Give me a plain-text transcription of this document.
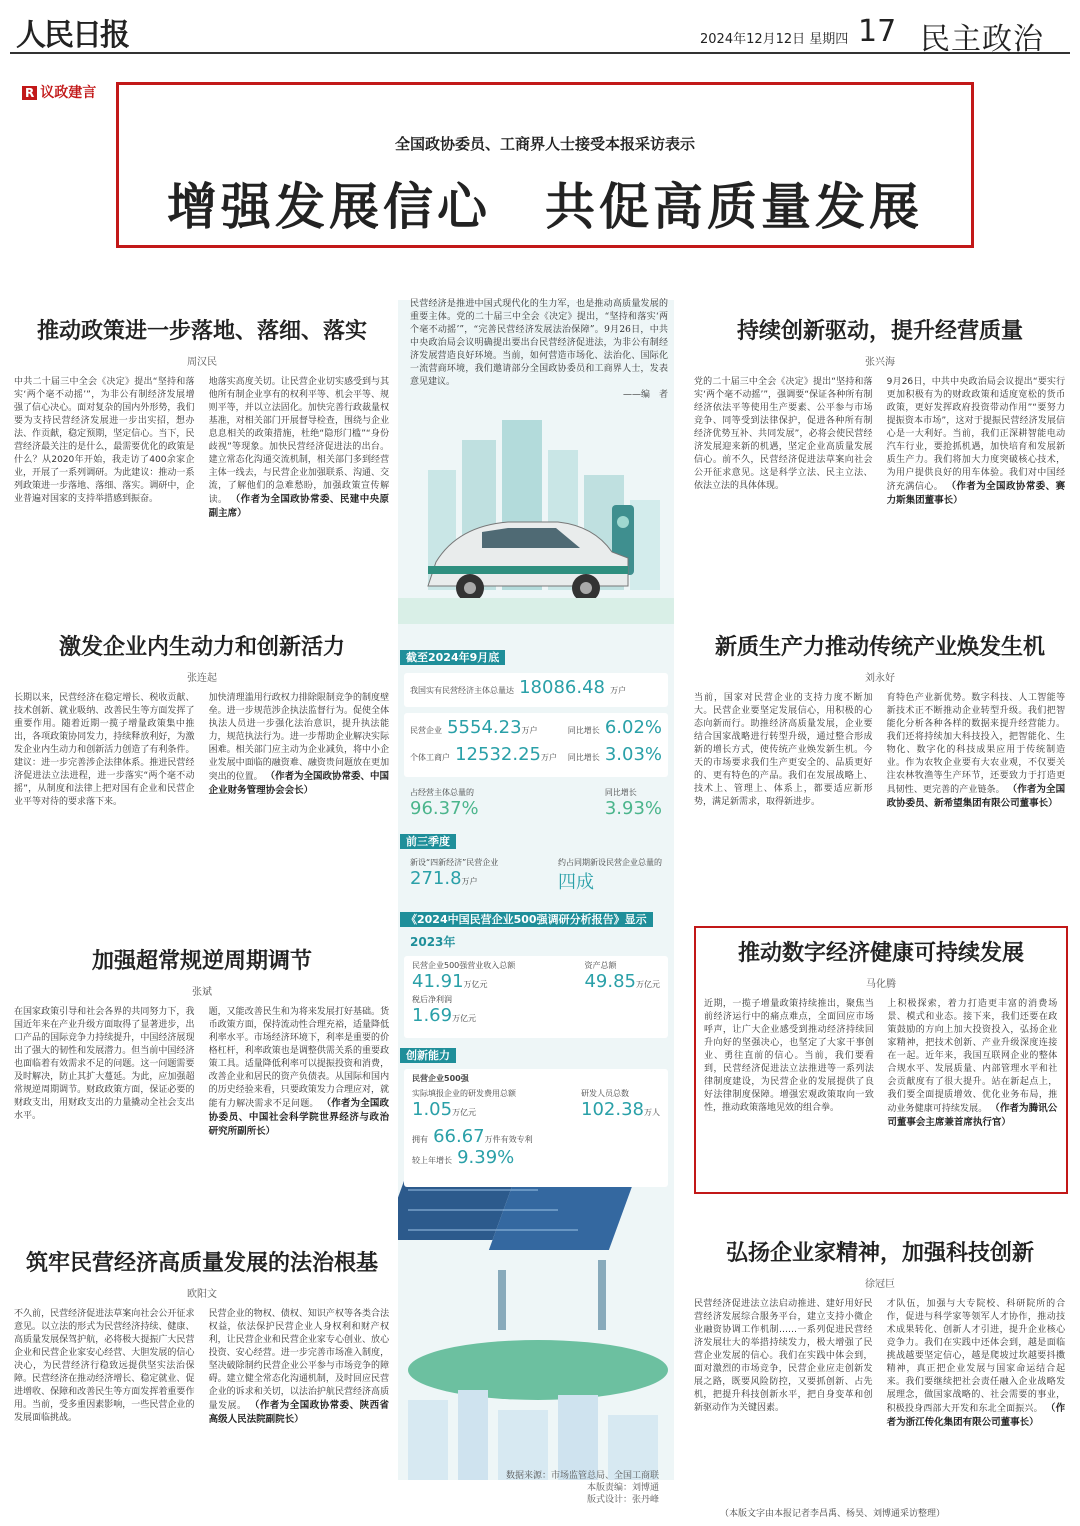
人民日报	2024年12月12日 星期四 17 民主政治
R 议政建言
全国政协委员、工商界人士接受本报采访表示
增强发展信心　共促高质量发展
民营经济是推进中国式现代化的生力军，也是推动高质量发展的重要主体。党的二十届三中全会《决定》提出，“坚持和落实‘两个毫不动摇’”，“完善民营经济发展法治保障”。9月26日，中共中央政治局会议明确提出要出台民营经济促进法，为非公有制经济发展营造良好环境。当前，如何营造市场化、法治化、国际化一流营商环境，我们邀请部分全国政协委员和工商界人士，发表意见建议。
——编　者
截至2024年9月底
我国实有民营经济主体总量达 18086.48 万户
民营企业 5554.23万户	同比增长 6.02%
个体工商户 12532.25万户 同比增长 3.03%
占经营主体总量的
96.37%
同比增长
3.93%
前三季度
新设“四新经济”民营企业
271.8万户
约占同期新设民营企业总量的
四成
《2024中国民营企业500强调研分析报告》显示
2023年
民营企业500强营业收入总额
41.91万亿元
资产总额
49.85万亿元
税后净利润
1.69万亿元
创新能力
民营企业500强
实际填报企业的研发费用总额
1.05万亿元
研发人员总数
102.38万人
拥有 66.67万件有效专利
较上年增长 9.39%
数据来源：市场监管总局、全国工商联
本版责编：刘博通
版式设计：张丹峰
推动政策进一步落地、落细、落实
周汉民
中共二十届三中全会《决定》提出“坚持和落实‘两个毫不动摇’”，为非公有制经济发展增强了信心决心。面对复杂的国内外形势，我们要为支持民营经济发展进一步出实招，想办法、作贡献，稳定预期，坚定信心。当下，民营经济最关注的是什么，最需要优化的政策是什么？从2020年开始，我走访了400余家企业，开展了一系列调研。为此建议：推动一系列政策进一步落地、落细、落实。调研中，企业普遍对国家的支持举措感到振奋。 地落实高度关切。让民营企业切实感受到与其他所有制企业享有的权利平等、机会平等、规则平等，并以立法固化。加快完善行政裁量权基准，对相关部门开展督导检查，围绕与企业息息相关的政策措施，杜绝“隐形门槛”“身份歧视”等现象。加快民营经济促进法的出台。建立常态化沟通交流机制，相关部门多到经营主体一线去，与民营企业加强联系、沟通、交流，了解他们的急难愁盼，加强政策宣传解读。 （作者为全国政协常委、民建中央原副主席）
激发企业内生动力和创新活力
张连起
长期以来，民营经济在稳定增长、税收贡献、技术创新、就业吸纳、改善民生等方面发挥了重要作用。随着近期一揽子增量政策集中推出，各项政策协同发力，持续释放利好，为激发企业内生动力和创新活力创造了有利条件。建议：进一步完善涉企法律体系。推进民营经济促进法立法进程，进一步落实“两个毫不动摇”，从制度和法律上把对国有企业和民营企业平等对待的要求落下来。 加快清理滥用行政权力排除限制竞争的制度壁垒。进一步规范涉企执法监督行为。促使全体执法人员进一步强化法治意识，提升执法能力，规范执法行为。进一步帮助企业解决实际困难。相关部门应主动为企业减负，将中小企业发展中面临的融资难、融资贵问题放在更加突出的位置。 （作者为全国政协常委、中国企业财务管理协会会长）
加强超常规逆周期调节
张斌
在国家政策引导和社会各界的共同努力下，我国近年来在产业升级方面取得了显著进步，出口产品的国际竞争力持续提升，中国经济展现出了强大的韧性和发展潜力。但当前中国经济也面临着有效需求不足的问题。这一问题需要及时解决，防止其扩大蔓延。为此，应加强超常规逆周期调节。财政政策方面，保证必要的财政支出，用财政支出的力量撬动全社会支出水平。 题，又能改善民生和为将来发展打好基础。货币政策方面，保持流动性合理充裕，适量降低利率水平。市场经济环境下，利率是重要的价格杠杆，利率政策也是调整供需关系的重要政策工具。适量降低利率可以提振投资和消费，改善企业和居民的资产负债表。从国际和国内的历史经验来看，只要政策发力合理应对，就能有力解决需求不足问题。 （作者为全国政协委员、中国社会科学院世界经济与政治研究所副所长）
筑牢民营经济高质量发展的法治根基
欧阳文
不久前，民营经济促进法草案向社会公开征求意见。以立法的形式为民营经济持续、健康、高质量发展保驾护航，必将极大提振广大民营企业和民营企业家安心经营、大胆发展的信心决心，为民营经济行稳致远提供坚实法治保障。民营经济在推动经济增长、稳定就业、促进增收、保障和改善民生等方面发挥着重要作用。当前，受多重因素影响，一些民营企业的发展面临挑战。 民营企业的物权、债权、知识产权等各类合法权益，依法保护民营企业人身权利和财产权利，让民营企业和民营企业家专心创业、放心投资、安心经营。进一步完善市场准入制度，坚决破除制约民营企业公平参与市场竞争的障碍。建立健全常态化沟通机制，及时回应民营企业的诉求和关切，以法治护航民营经济高质量发展。 （作者为全国政协常委、陕西省高级人民法院副院长）
持续创新驱动，提升经营质量
张兴海
党的二十届三中全会《决定》提出“坚持和落实‘两个毫不动摇’”，强调要“保证各种所有制经济依法平等使用生产要素、公平参与市场竞争、同等受到法律保护，促进各种所有制经济优势互补、共同发展”，必将会使民营经济发展迎来新的机遇，坚定企业高质量发展信心。前不久，民营经济促进法草案向社会公开征求意见。这是科学立法、民主立法、依法立法的具体体现。 9月26日，中共中央政治局会议提出“要实行更加积极有为的财政政策和适度宽松的货币政策，更好发挥政府投资带动作用”“要努力提振资本市场”，这对于提振民营经济发展信心是一大利好。当前，我们正深耕智能电动汽车行业，要抢抓机遇，加快培育和发展新质生产力。我们将加大力度突破核心技术，为用户提供良好的用车体验。我们对中国经济充满信心。 （作者为全国政协常委、赛力斯集团董事长）
新质生产力推动传统产业焕发生机
刘永好
当前，国家对民营企业的支持力度不断加大。民营企业要坚定发展信心，用积极的心态向新而行。助推经济高质量发展，企业要结合国家战略进行转型升级，通过整合形成新的增长方式，使传统产业焕发新生机。今天的市场要求我们生产更安全的、品质更好的、更有特色的产品。我们在发展战略上、技术上、管理上、体系上，都要适应新形势，满足新需求，取得新进步。 育特色产业新优势。数字科技、人工智能等新技术正不断推动企业转型升级。我们把智能化分析各种各样的数据来提升经营能力。我们还将持续加大科技投入，把智能化、生物化、数字化的科技成果应用于传统制造业。作为农牧企业要有大农业观，不仅要关注农林牧渔等生产环节，还要致力于打造更具韧性、更完善的产业链条。 （作者为全国政协委员、新希望集团有限公司董事长）
推动数字经济健康可持续发展
马化腾
近期，一揽子增量政策持续推出，聚焦当前经济运行中的痛点难点，全面回应市场呼声，让广大企业感受到推动经济持续回升向好的坚强决心，也坚定了大家干事创业、勇往直前的信心。当前，我们要看到，民营经济促进法立法推进等一系列法律制度建设，为民营企业的发展提供了良好法律制度保障。增强宏观政策取向一致性，推动政策落地见效的组合拳。 上积极探索，着力打造更丰富的消费场景、模式和业态。接下来，我们还要在政策鼓励的方向上加大投资投入，弘扬企业家精神，把技术创新、产业升级深度连接在一起。近年来，我国互联网企业的整体合规水平、发展质量、内部管理水平和社会贡献度有了很大提升。站在新起点上，我们要全面提质增效、优化业务布局，推动业务健康可持续发展。 （作者为腾讯公司董事会主席兼首席执行官）
弘扬企业家精神，加强科技创新
徐冠巨
民营经济促进法立法启动推进、建好用好民营经济发展综合服务平台，建立支持小微企业融资协调工作机制……一系列促进民营经济发展壮大的举措持续发力，极大增强了民营企业发展的信心。我们在实践中体会到，面对激烈的市场竞争，民营企业应走创新发展之路，既要风险防控，又要抓创新、占先机，把提升科技创新水平，把自身变革和创新驱动作为关键因素。 才队伍，加强与大专院校、科研院所的合作，促进与科学家等领军人才协作，推动技术成果转化、创新人才引进，提升企业核心竞争力。我们在实践中还体会到，越是面临挑战越要坚定信心，越是爬坡过坎越要抖擞精神，真正把企业发展与国家命运结合起来。我们要继续把社会责任融入企业战略发展理念，做国家战略的、社会需要的事业，积极投身西部大开发和东北全面振兴。 （作者为浙江传化集团有限公司董事长）
（本版文字由本报记者李昌禹、杨昊、刘博通采访整理）
